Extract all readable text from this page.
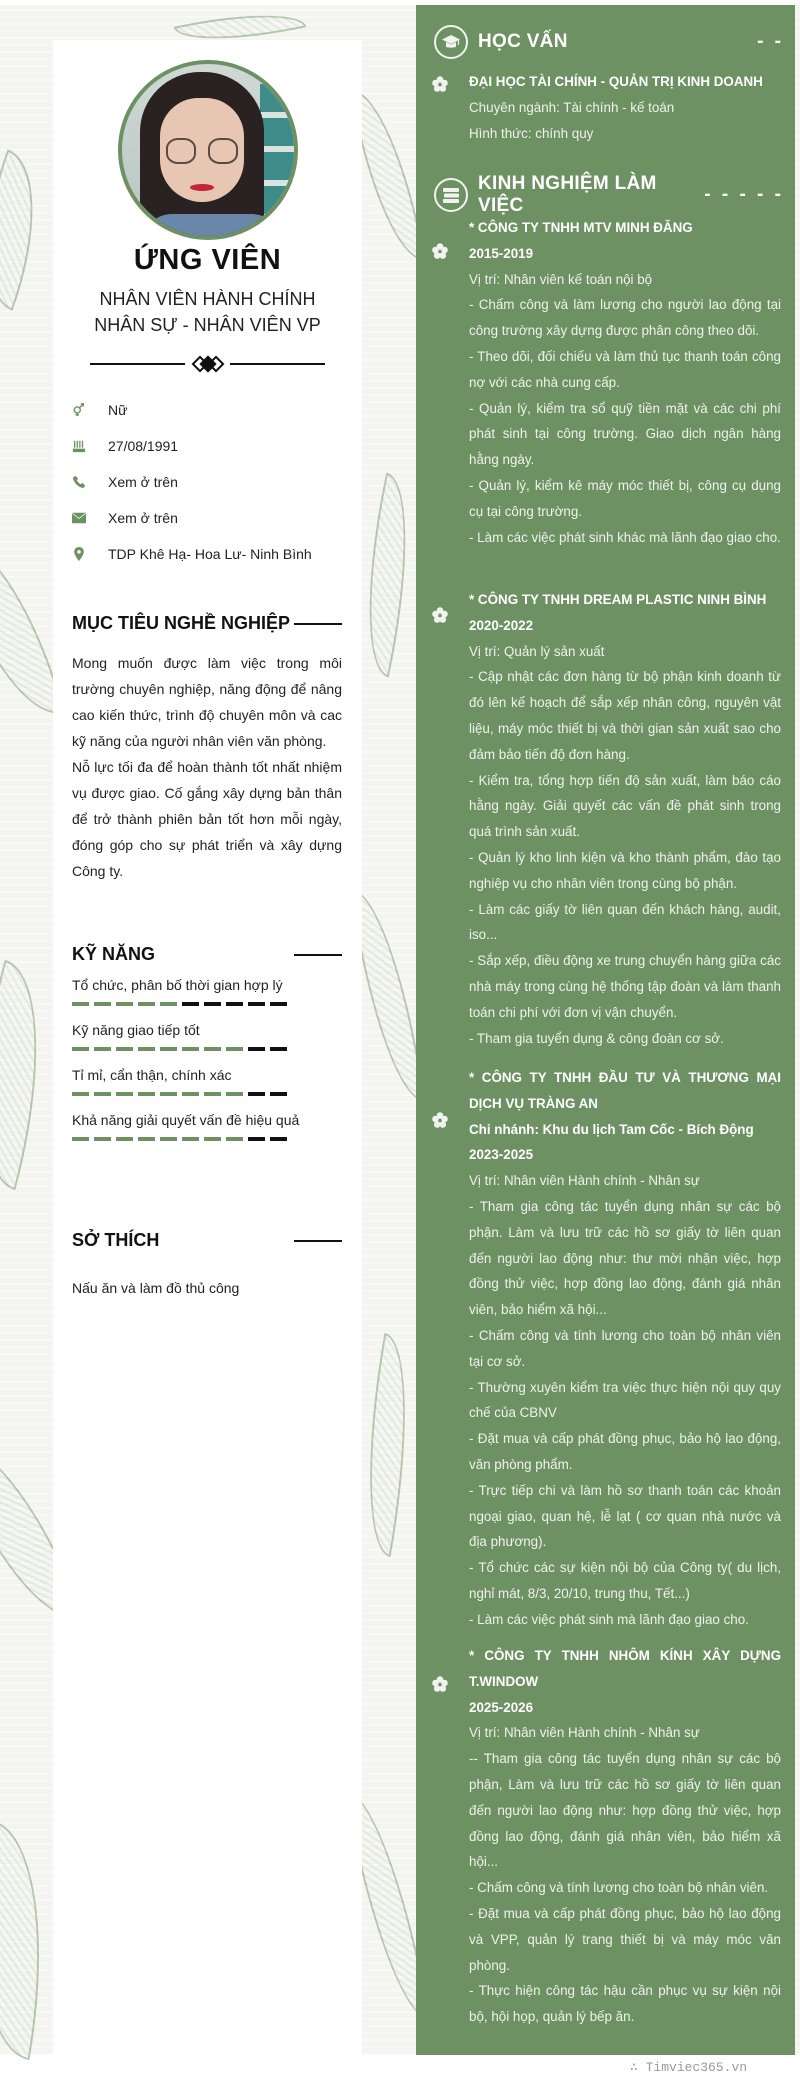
ỨNG VIÊN
NHÂN VIÊN HÀNH CHÍNH
NHÂN SỰ - NHÂN VIÊN VP
Nữ
27/08/1991
Xem ở trên
Xem ở trên
TDP Khê Hạ- Hoa Lư- Ninh Bình
MỤC TIÊU NGHỀ NGHIỆP

Mong muốn được làm việc trong môi trường chuyên nghiệp, năng động để nâng cao kiến thức, trình độ chuyên môn và cac kỹ năng của người nhân viên văn phòng.

Nỗ lực tối đa để hoàn thành tốt nhất nhiệm vụ được giao. Cố gắng xây dựng bản thân để trở thành phiên bản tốt hơn mỗi ngày, đóng góp cho sự phát triển và xây dựng Công ty.

KỸ NĂNG
Tổ chức, phân bố thời gian hợp lý
Kỹ năng giao tiếp tốt
Tỉ mỉ, cẩn thận, chính xác
Khả năng giải quyết vấn đề hiệu quả
SỞ THÍCH
Nấu ăn và làm đồ thủ công
HỌC VẤN	- -
ĐẠI HỌC TÀI CHÍNH - QUẢN TRỊ KINH DOANH
Chuyên ngành: Tài chính - kế toán
Hình thức: chính quy
KINH NGHIỆM LÀM VIỆC
- - - - -
* CÔNG TY TNHH MTV MINH ĐĂNG
2015-2019
Vị trí: Nhân viên kế toán nội bộ
- Chấm công và làm lương cho người lao động tại công trường xây dựng được phân công theo dõi.
- Theo dõi, đối chiếu và làm thủ tục thanh toán công nợ với các nhà cung cấp.
- Quản lý, kiểm tra sổ quỹ tiền mặt và các chi phí phát sinh tại công trường. Giao dịch ngân hàng hằng ngày.
- Quản lý, kiểm kê máy móc thiết bị, công cụ dụng cụ tại công trường.
- Làm các việc phát sinh khác mà lãnh đạo giao cho.
* CÔNG TY TNHH DREAM PLASTIC NINH BÌNH
2020-2022
Vị trí: Quản lý sản xuất
- Cập nhật các đơn hàng từ bộ phận kinh doanh từ đó lên kế hoạch để sắp xếp nhân công, nguyên vật liệu, máy móc thiết bị và thời gian sản xuất sao cho đảm bảo tiến độ đơn hàng.
- Kiểm tra, tổng hợp tiến độ sản xuất, làm báo cáo hằng ngày. Giải quyết các vấn đề phát sinh trong quá trình sản xuất.
- Quản lý kho linh kiện và kho thành phẩm, đào tạo nghiệp vụ cho nhân viên trong cùng bộ phận.
- Làm các giấy tờ liên quan đến khách hàng, audit, iso...
- Sắp xếp, điều động xe trung chuyển hàng giữa các nhà máy trong cùng hệ thống tập đoàn và làm thanh toán chi phí với đơn vị vận chuyển.
- Tham gia tuyển dụng & công đoàn cơ sở.
* CÔNG TY TNHH ĐẦU TƯ VÀ THƯƠNG MẠI DỊCH VỤ TRÀNG AN
Chi nhánh: Khu du lịch Tam Cốc - Bích Động
2023-2025
Vị trí: Nhân viên Hành chính - Nhân sự
- Tham gia công tác tuyển dụng nhân sự các bộ phận. Làm và lưu trữ các hồ sơ giấy tờ liên quan đến người lao động như: thư mời nhận việc, hợp đồng thử việc, hợp đồng lao động, đánh giá nhân viên, bảo hiểm xã hội...
- Chấm công và tính lương cho toàn bộ nhân viên tại cơ sở.
- Thường xuyên kiểm tra việc thực hiện nội quy quy chế của CBNV
- Đặt mua và cấp phát đồng phục, bảo hộ lao động, văn phòng phẩm.
- Trực tiếp chi và làm hồ sơ thanh toán các khoản ngoại giao, quan hệ, lễ lạt ( cơ quan nhà nước và địa phương).
- Tổ chức các sự kiện nội bộ của Công ty( du lịch, nghỉ mát, 8/3, 20/10, trung thu, Tết...)
- Làm các việc phát sinh mà lãnh đạo giao cho.
* CÔNG TY TNHH NHÔM KÍNH XÂY DỰNG T.WINDOW
2025-2026
Vị trí: Nhân viên Hành chính - Nhân sự
-- Tham gia công tác tuyển dụng nhân sự các bộ phận, Làm và lưu trữ các hồ sơ giấy tờ liên quan đến người lao động như: hợp đồng thử việc, hợp đồng lao động, đánh giá nhân viên, bảo hiểm xã hội...
- Chấm công và tính lương cho toàn bộ nhân viên.
- Đặt mua và cấp phát đồng phục, bảo hộ lao động và VPP, quản lý trang thiết bị và máy móc văn phòng.
- Thực hiện công tác hậu cần phục vụ sự kiện nội bộ, hội họp, quản lý bếp ăn.
∴ Timviec365.vn
